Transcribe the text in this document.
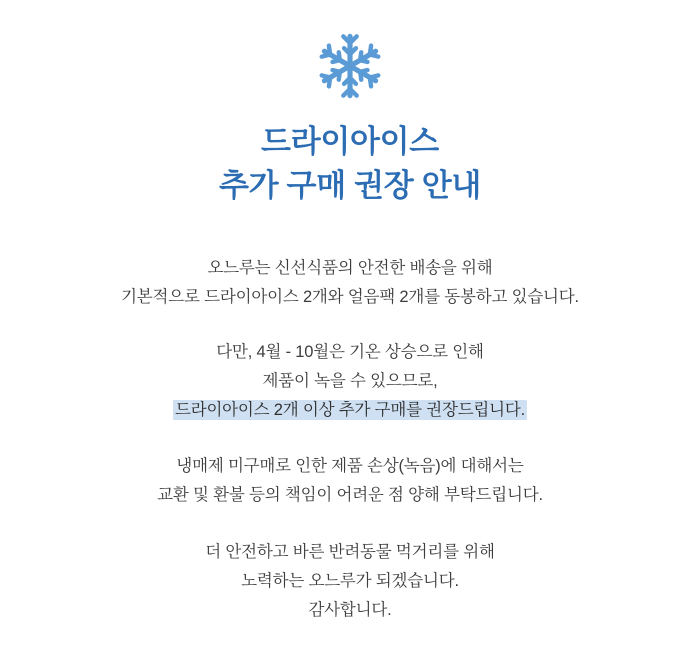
드라이아이스
추가 구매 권장 안내
오느루는 신선식품의 안전한 배송을 위해
기본적으로 드라이아이스 2개와 얼음팩 2개를 동봉하고 있습니다.
다만, 4월 - 10월은 기온 상승으로 인해
제품이 녹을 수 있으므로,
드라이아이스 2개 이상 추가 구매를 권장드립니다.
냉매제 미구매로 인한 제품 손상(녹음)에 대해서는
교환 및 환불 등의 책임이 어려운 점 양해 부탁드립니다.
더 안전하고 바른 반려동물 먹거리를 위해
노력하는 오느루가 되겠습니다.
감사합니다.
